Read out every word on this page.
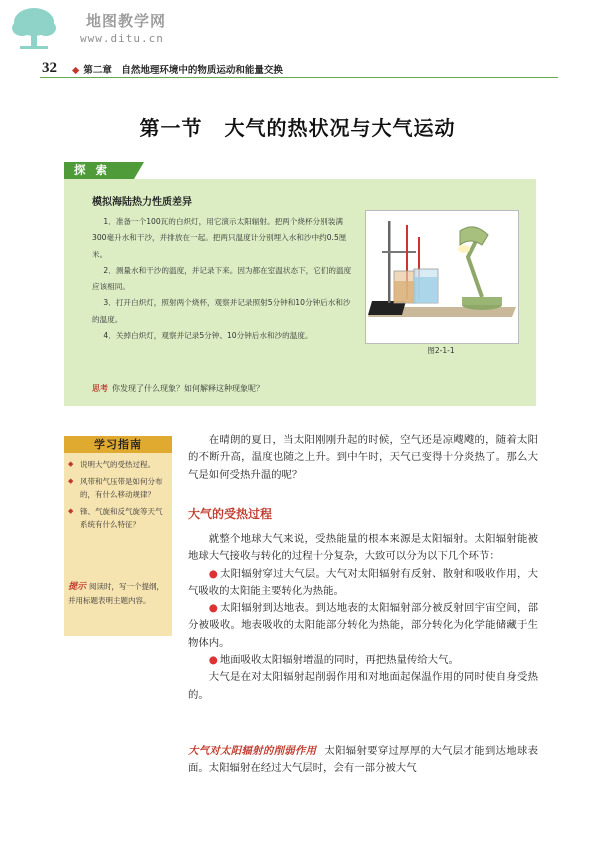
地图教学网
www.ditu.cn
32 ◆ 第二章　自然地理环境中的物质运动和能量交换
第一节 大气的热状况与大气运动
探 索
模拟海陆热力性质差异

1．准备一个100瓦的白炽灯，用它演示太阳辐射。把两个烧杯分别装满300毫升水和干沙，并排放在一起。把两只温度计分别埋入水和沙中约0.5厘米。

2．测量水和干沙的温度，并记录下来。因为都在室温状态下，它们的温度应该相同。

3．打开白炽灯，照射两个烧杯，观察并记录照射5分钟和10分钟后水和沙的温度。

4．关掉白炽灯，观察并记录5分钟、10分钟后水和沙的温度。

思考 你发现了什么现象？如何解释这种现象呢？
图2-1-1
学习指南
◆ 说明大气的受热过程。
◆ 风带和气压带是如何分布的，有什么移动规律？
◆ 锋、气旋和反气旋等天气系统有什么特征？
提示 阅读时，写一个提纲，并用标题表明主题内容。

在晴朗的夏日，当太阳刚刚升起的时候，空气还是凉飕飕的，随着太阳的不断升高，温度也随之上升。到中午时，天气已变得十分炎热了。那么大气是如何受热升温的呢？

大气的受热过程

就整个地球大气来说，受热能量的根本来源是太阳辐射。太阳辐射能被地球大气接收与转化的过程十分复杂，大致可以分为以下几个环节：

● 太阳辐射穿过大气层。大气对太阳辐射有反射、散射和吸收作用，大气吸收的太阳能主要转化为热能。

● 太阳辐射到达地表。到达地表的太阳辐射部分被反射回宇宙空间，部分被吸收。地表吸收的太阳能部分转化为热能，部分转化为化学能储藏于生物体内。

● 地面吸收太阳辐射增温的同时，再把热量传给大气。

大气是在对太阳辐射起削弱作用和对地面起保温作用的同时使自身受热的。

大气对太阳辐射的削弱作用 太阳辐射要穿过厚厚的大气层才能到达地球表面。太阳辐射在经过大气层时，会有一部分被大气
